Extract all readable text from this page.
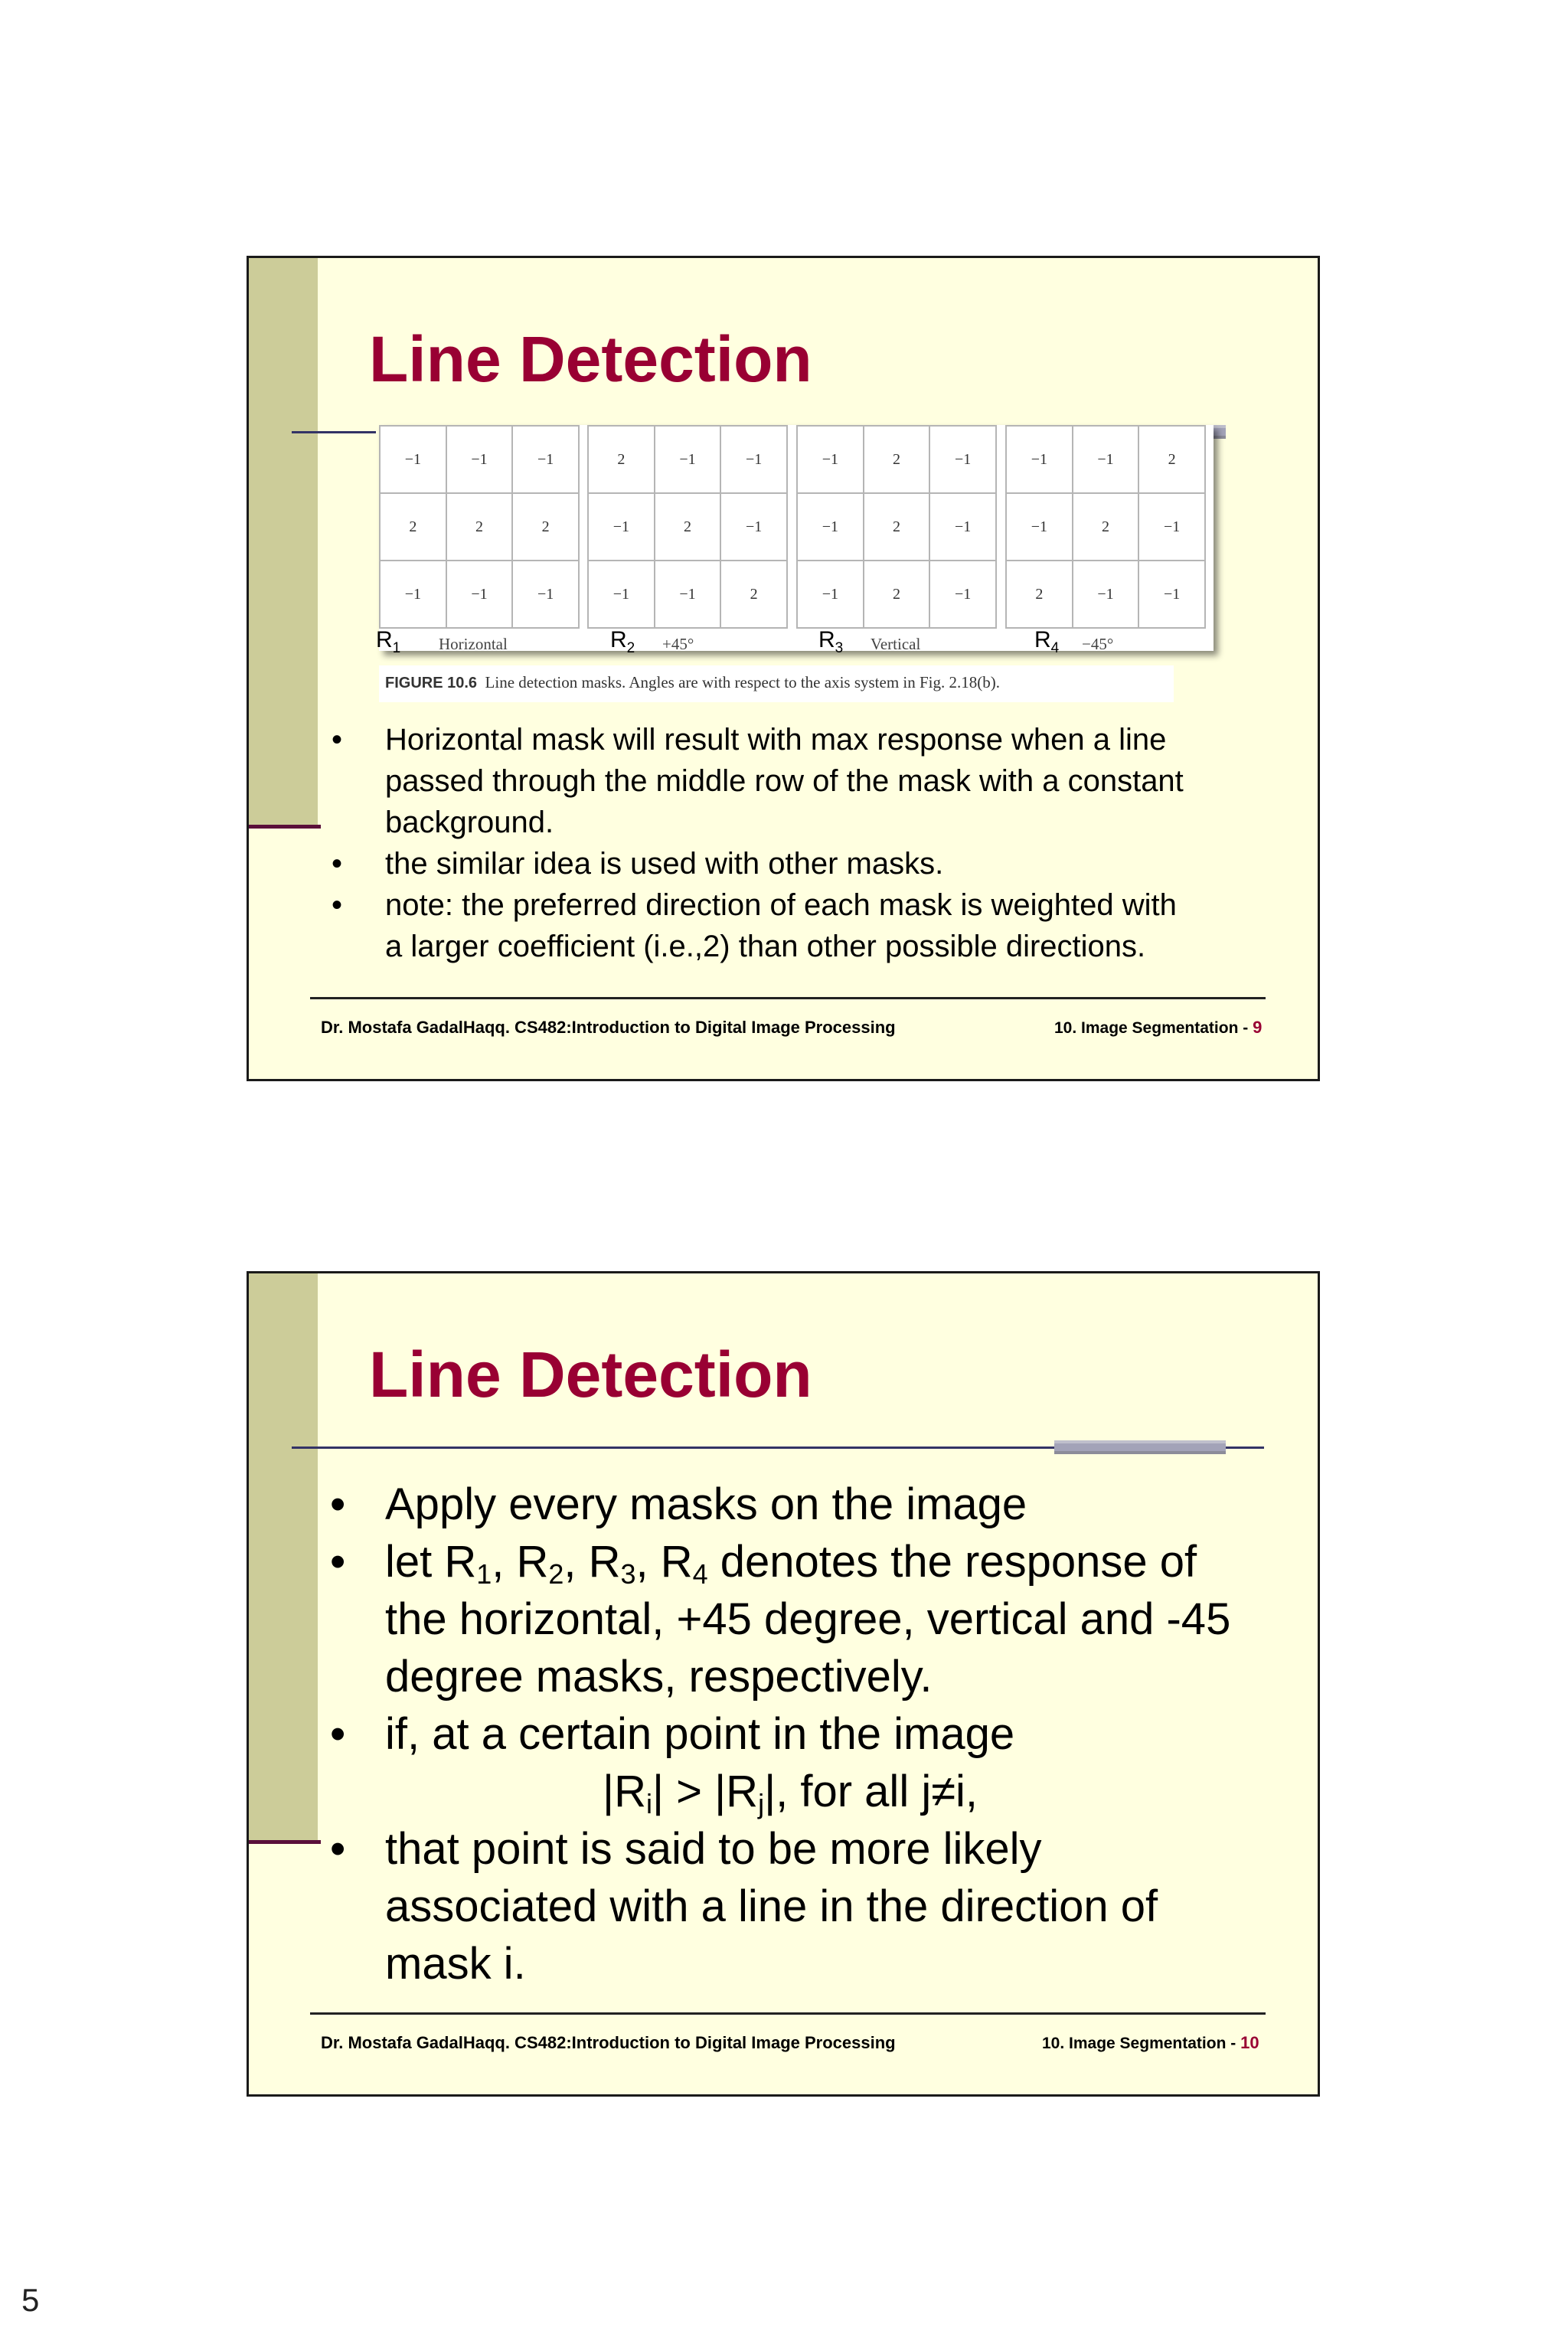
Line Detection
−1	−1	−1
2	2	2
−1	−1	−1
2	−1	−1
−1	2	−1
−1	−1	2
−1	2	−1
−1	2	−1
−1	2	−1
−1	−1	2
−1	2	−1
2	−1	−1
$R_1$ Horizontal	$R_2 +45^\circ$	$R_3$ Vertical	$R_4 -45^\circ$
FIGURE 10.6 Line detection masks. Angles are with respect to the axis system in Fig. 2.18(b).
• Horizontal mask will result with max response when a line
passed through the middle row of the mask with a constant
background.
• the similar idea is used with other masks.
• note: the preferred direction of each mask is weighted with
a larger coefficient (i.e.,2) than other possible directions.
Dr. Mostafa GadalHaqq. CS482:Introduction to Digital Image Processing	10. Image Segmentation - 9
Line Detection
• Apply every masks on the image
• let $R_1$, $R_2$, $R_3$, $R_4$ denotes the response of
the horizontal, +45 degree, vertical and -45
degree masks, respectively.
• if, at a certain point in the image
$|R_i| > |R_j|$, for all j≠i,
• that point is said to be more likely
associated with a line in the direction of
mask i.
Dr. Mostafa GadalHaqq. CS482:Introduction to Digital Image Processing	10. Image Segmentation - 10
5
